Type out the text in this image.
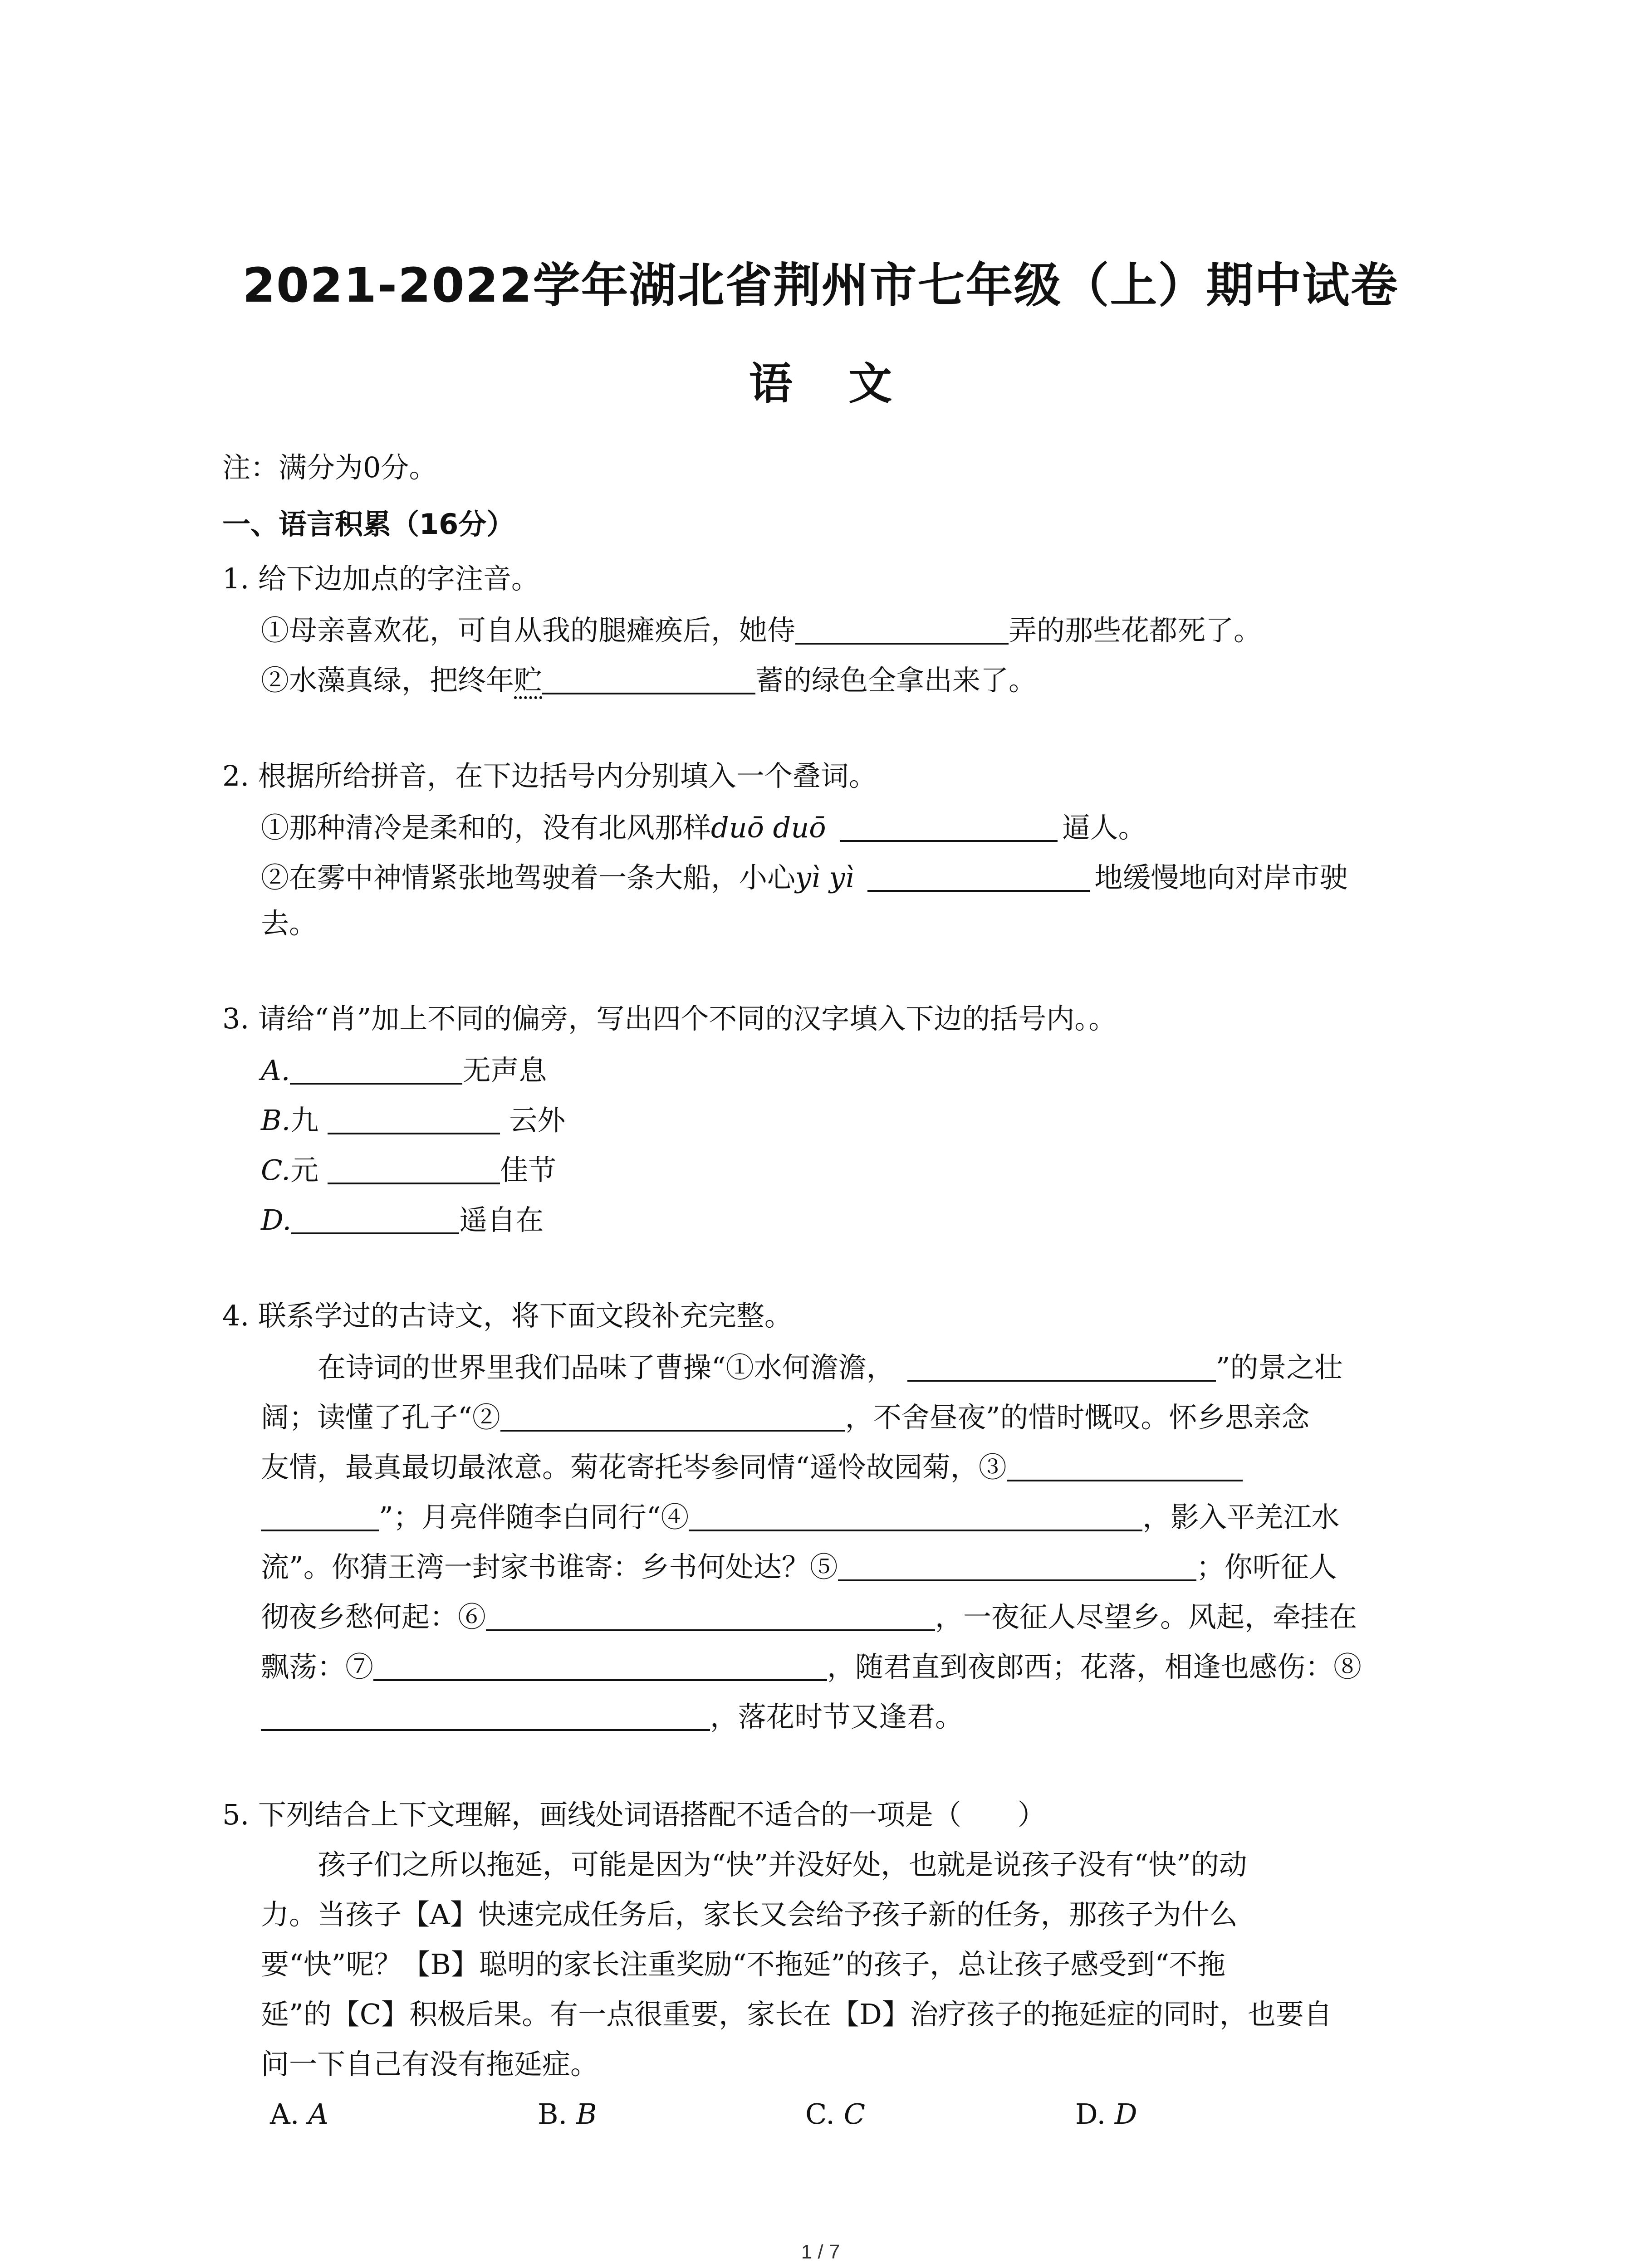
2021-2022学年湖北省荆州市七年级（上）期中试卷
语 文
注：满分为0分。
一、语言积累（16分）
1. 给下边加点的字注音。
①母亲喜欢花，可自从我的腿瘫痪后，她侍	弄的那些花都死了。
②水藻真绿，把终年贮	蓄的绿色全拿出来了。
2. 根据所给拼音，在下边括号内分别填入一个叠词。
①那种清冷是柔和的，没有北风那样duō duō	逼人。
②在雾中神情紧张地驾驶着一条大船，小心yì yì	地缓慢地向对岸市驶
去。
3. 请给“肖”加上不同的偏旁，写出四个不同的汉字填入下边的括号内。。
A.	无声息
B.九	云外
C.元	佳节
D.	遥自在
4. 联系学过的古诗文，将下面文段补充完整。
在诗词的世界里我们品味了曹操“①水何澹澹，	”的景之壮
阔；读懂了孔子“②	，不舍昼夜”的惜时慨叹。怀乡思亲念
友情，最真最切最浓意。菊花寄托岑参同情“遥怜故园菊，③
”；月亮伴随李白同行“④	，影入平羌江水
流”。你猜王湾一封家书谁寄：乡书何处达？⑤	；你听征人
彻夜乡愁何起：⑥	，一夜征人尽望乡。风起，牵挂在
飘荡：⑦	，随君直到夜郎西；花落，相逢也感伤：⑧
，落花时节又逢君。
5. 下列结合上下文理解，画线处词语搭配不适合的一项是（　　）
孩子们之所以拖延，可能是因为“快”并没好处，也就是说孩子没有“快”的动
力。当孩子【A】快速完成任务后，家长又会给予孩子新的任务，那孩子为什么
要“快”呢？【B】聪明的家长注重奖励“不拖延”的孩子，总让孩子感受到“不拖
延”的【C】积极后果。有一点很重要，家长在【D】治疗孩子的拖延症的同时，也要自
问一下自己有没有拖延症。
A. A	B. B	C. C	D. D
1 / 7
